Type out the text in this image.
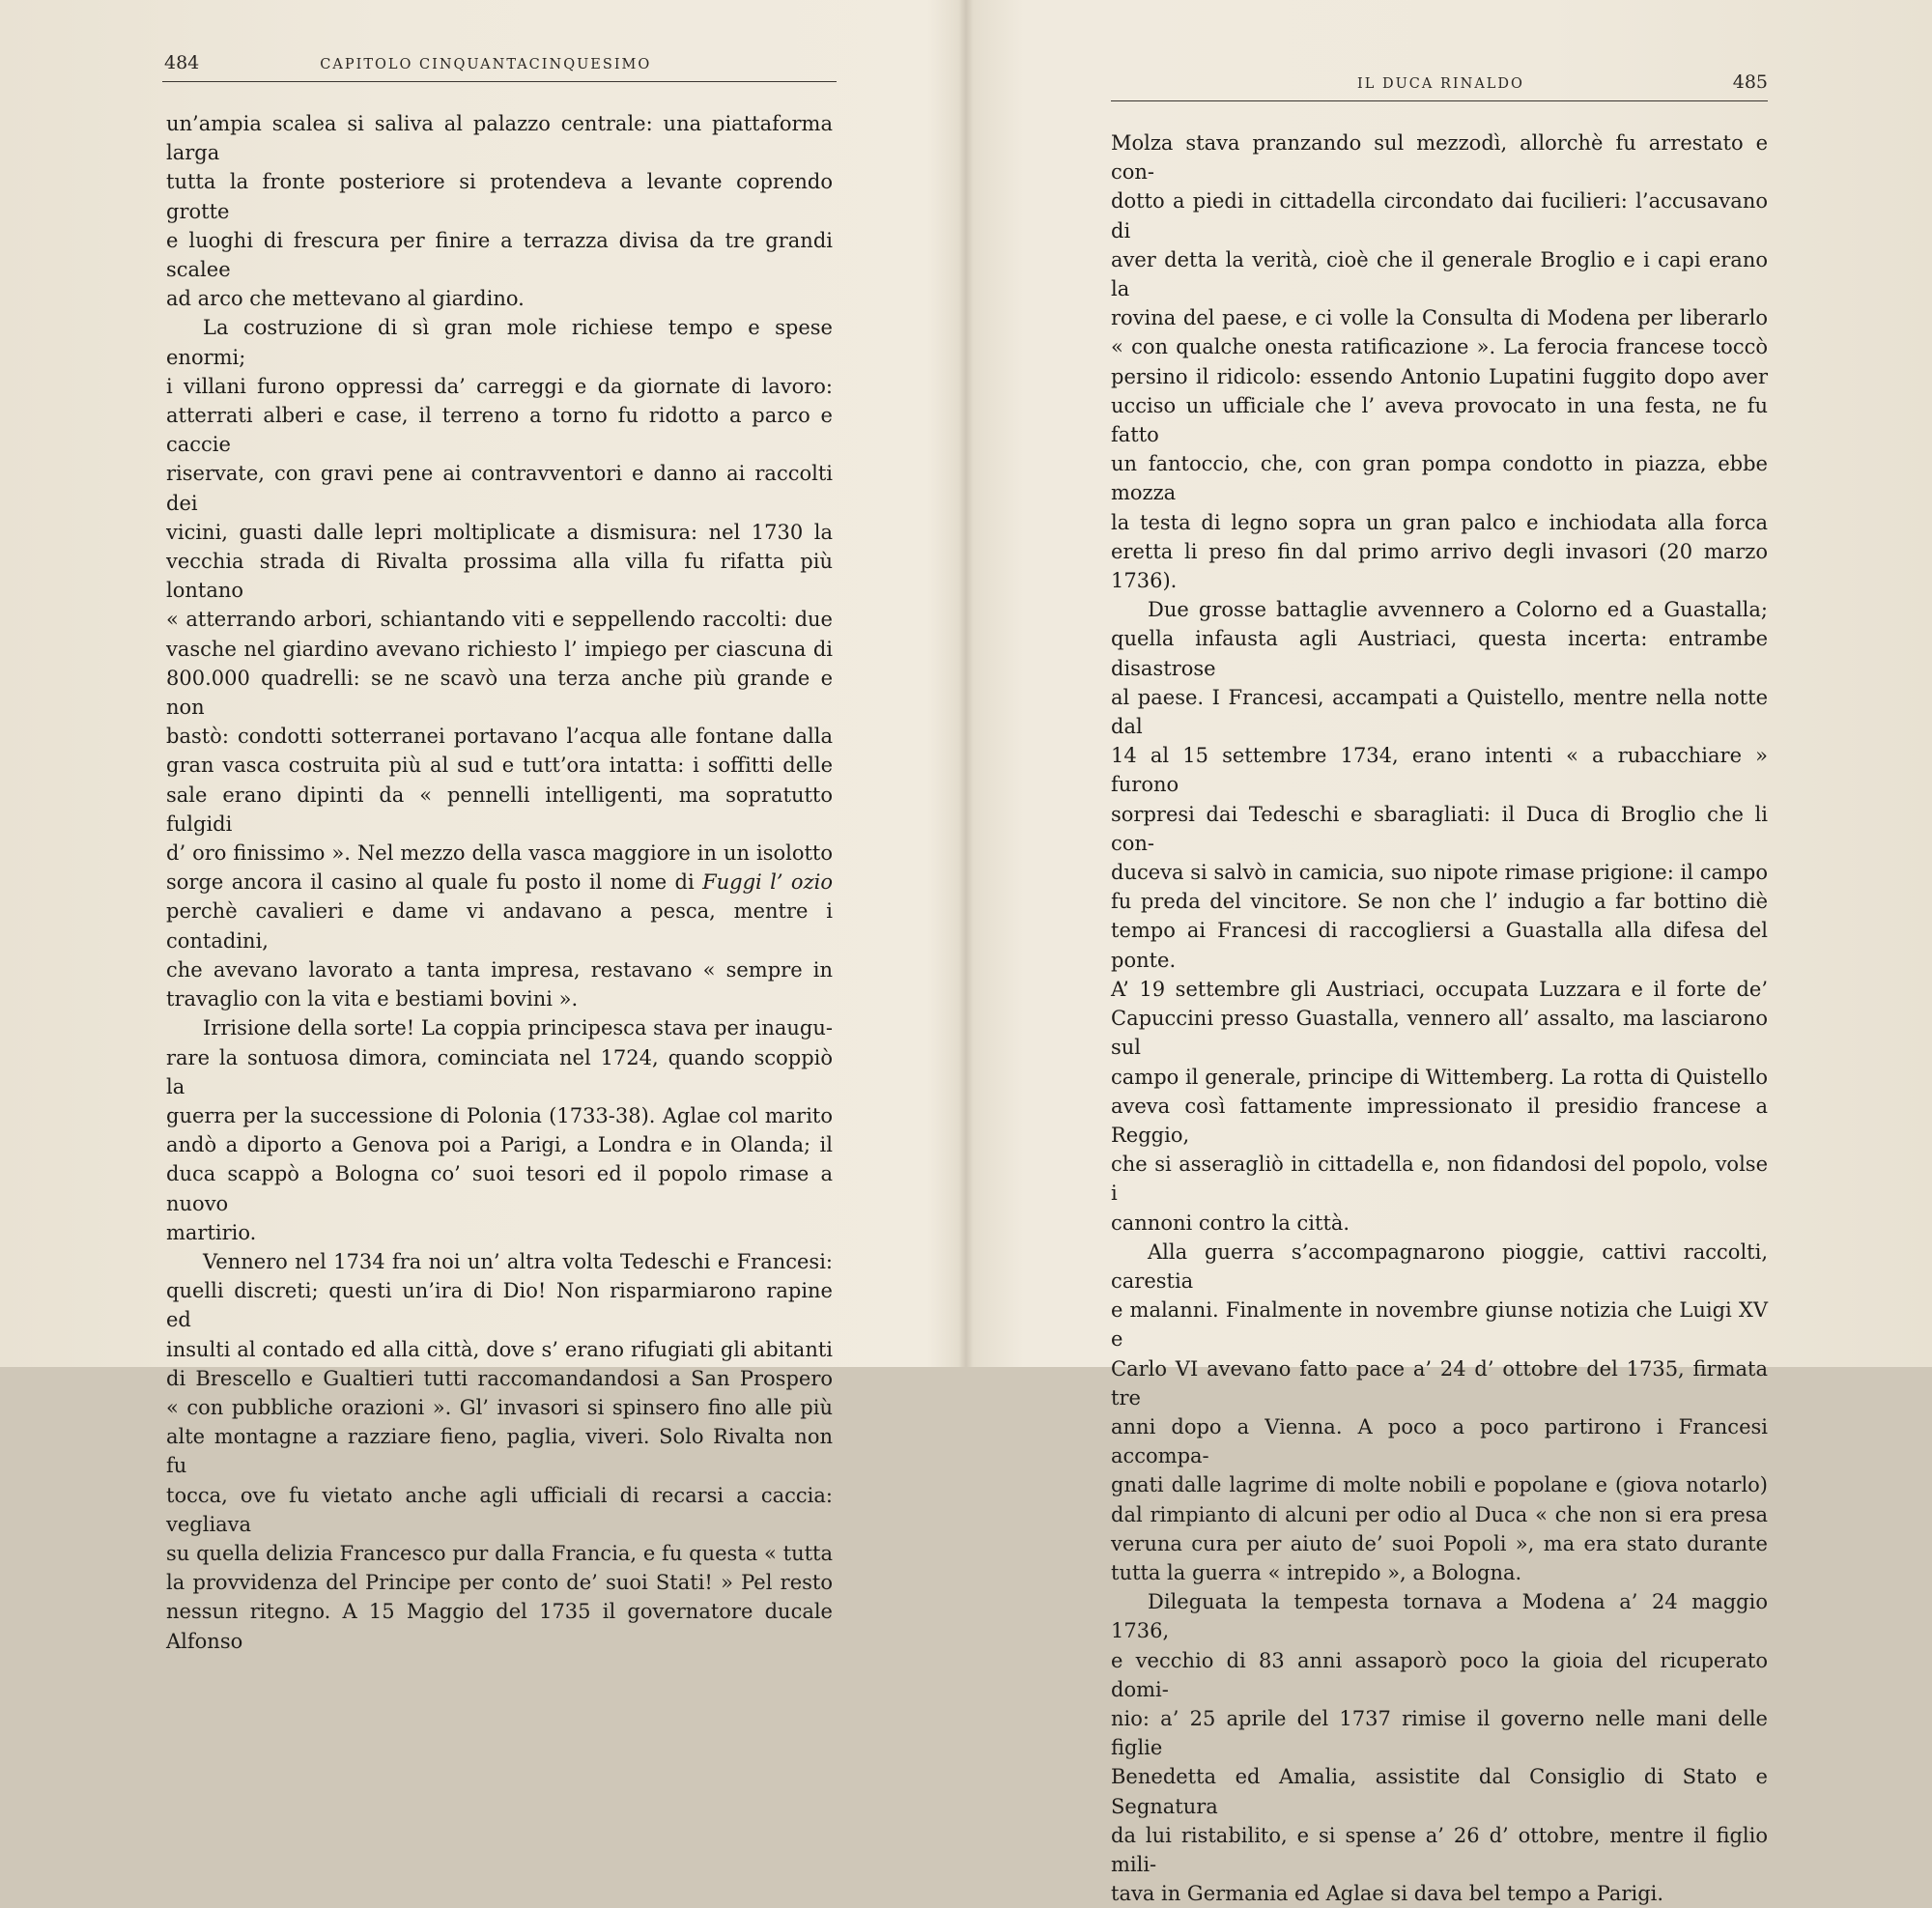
484	CAPITOLO CINQUANTACINQUESIMO

un’ampia scalea si saliva al palazzo centrale: una piattaforma larga

tutta la fronte posteriore si protendeva a levante coprendo grotte

e luoghi di frescura per finire a terrazza divisa da tre grandi scalee

ad arco che mettevano al giardino.

La costruzione di sì gran mole richiese tempo e spese enormi;

i villani furono oppressi da’ carreggi e da giornate di lavoro:

atterrati alberi e case, il terreno a torno fu ridotto a parco e caccie

riservate, con gravi pene ai contravventori e danno ai raccolti dei

vicini, guasti dalle lepri moltiplicate a dismisura: nel 1730 la

vecchia strada di Rivalta prossima alla villa fu rifatta più lontano

« atterrando arbori, schiantando viti e seppellendo raccolti: due

vasche nel giardino avevano richiesto l’ impiego per ciascuna di

800.000 quadrelli: se ne scavò una terza anche più grande e non

bastò: condotti sotterranei portavano l’acqua alle fontane dalla

gran vasca costruita più al sud e tutt’ora intatta: i soffitti delle

sale erano dipinti da « pennelli intelligenti, ma sopratutto fulgidi

d’ oro finissimo ». Nel mezzo della vasca maggiore in un isolotto

sorge ancora il casino al quale fu posto il nome di Fuggi l’ ozio

perchè cavalieri e dame vi andavano a pesca, mentre i contadini,

che avevano lavorato a tanta impresa, restavano « sempre in

travaglio con la vita e bestiami bovini ».

Irrisione della sorte! La coppia principesca stava per inaugu-

rare la sontuosa dimora, cominciata nel 1724, quando scoppiò la

guerra per la successione di Polonia (1733-38). Aglae col marito

andò a diporto a Genova poi a Parigi, a Londra e in Olanda; il

duca scappò a Bologna co’ suoi tesori ed il popolo rimase a nuovo

martirio.

Vennero nel 1734 fra noi un’ altra volta Tedeschi e Francesi:

quelli discreti; questi un’ira di Dio! Non risparmiarono rapine ed

insulti al contado ed alla città, dove s’ erano rifugiati gli abitanti

di Brescello e Gualtieri tutti raccomandandosi a San Prospero

« con pubbliche orazioni ». Gl’ invasori si spinsero fino alle più

alte montagne a razziare fieno, paglia, viveri. Solo Rivalta non fu

tocca, ove fu vietato anche agli ufficiali di recarsi a caccia: vegliava

su quella delizia Francesco pur dalla Francia, e fu questa « tutta

la provvidenza del Principe per conto de’ suoi Stati! » Pel resto

nessun ritegno. A 15 Maggio del 1735 il governatore ducale Alfonso

IL DUCA RINALDO	485

Molza stava pranzando sul mezzodì, allorchè fu arrestato e con-

dotto a piedi in cittadella circondato dai fucilieri: l’accusavano di

aver detta la verità, cioè che il generale Broglio e i capi erano la

rovina del paese, e ci volle la Consulta di Modena per liberarlo

« con qualche onesta ratificazione ». La ferocia francese toccò

persino il ridicolo: essendo Antonio Lupatini fuggito dopo aver

ucciso un ufficiale che l’ aveva provocato in una festa, ne fu fatto

un fantoccio, che, con gran pompa condotto in piazza, ebbe mozza

la testa di legno sopra un gran palco e inchiodata alla forca

eretta li preso fin dal primo arrivo degli invasori (20 marzo 1736).

Due grosse battaglie avvennero a Colorno ed a Guastalla;

quella infausta agli Austriaci, questa incerta: entrambe disastrose

al paese. I Francesi, accampati a Quistello, mentre nella notte dal

14 al 15 settembre 1734, erano intenti « a rubacchiare » furono

sorpresi dai Tedeschi e sbaragliati: il Duca di Broglio che li con-

duceva si salvò in camicia, suo nipote rimase prigione: il campo

fu preda del vincitore. Se non che l’ indugio a far bottino diè

tempo ai Francesi di raccogliersi a Guastalla alla difesa del ponte.

A’ 19 settembre gli Austriaci, occupata Luzzara e il forte de’

Capuccini presso Guastalla, vennero all’ assalto, ma lasciarono sul

campo il generale, principe di Wittemberg. La rotta di Quistello

aveva così fattamente impressionato il presidio francese a Reggio,

che si asseragliò in cittadella e, non fidandosi del popolo, volse i

cannoni contro la città.

Alla guerra s’accompagnarono pioggie, cattivi raccolti, carestia

e malanni. Finalmente in novembre giunse notizia che Luigi XV e

Carlo VI avevano fatto pace a’ 24 d’ ottobre del 1735, firmata tre

anni dopo a Vienna. A poco a poco partirono i Francesi accompa-

gnati dalle lagrime di molte nobili e popolane e (giova notarlo)

dal rimpianto di alcuni per odio al Duca « che non si era presa

veruna cura per aiuto de’ suoi Popoli », ma era stato durante

tutta la guerra « intrepido », a Bologna.

Dileguata la tempesta tornava a Modena a’ 24 maggio 1736,

e vecchio di 83 anni assaporò poco la gioia del ricuperato domi-

nio: a’ 25 aprile del 1737 rimise il governo nelle mani delle figlie

Benedetta ed Amalia, assistite dal Consiglio di Stato e Segnatura

da lui ristabilito, e si spense a’ 26 d’ ottobre, mentre il figlio mili-

tava in Germania ed Aglae si dava bel tempo a Parigi.
